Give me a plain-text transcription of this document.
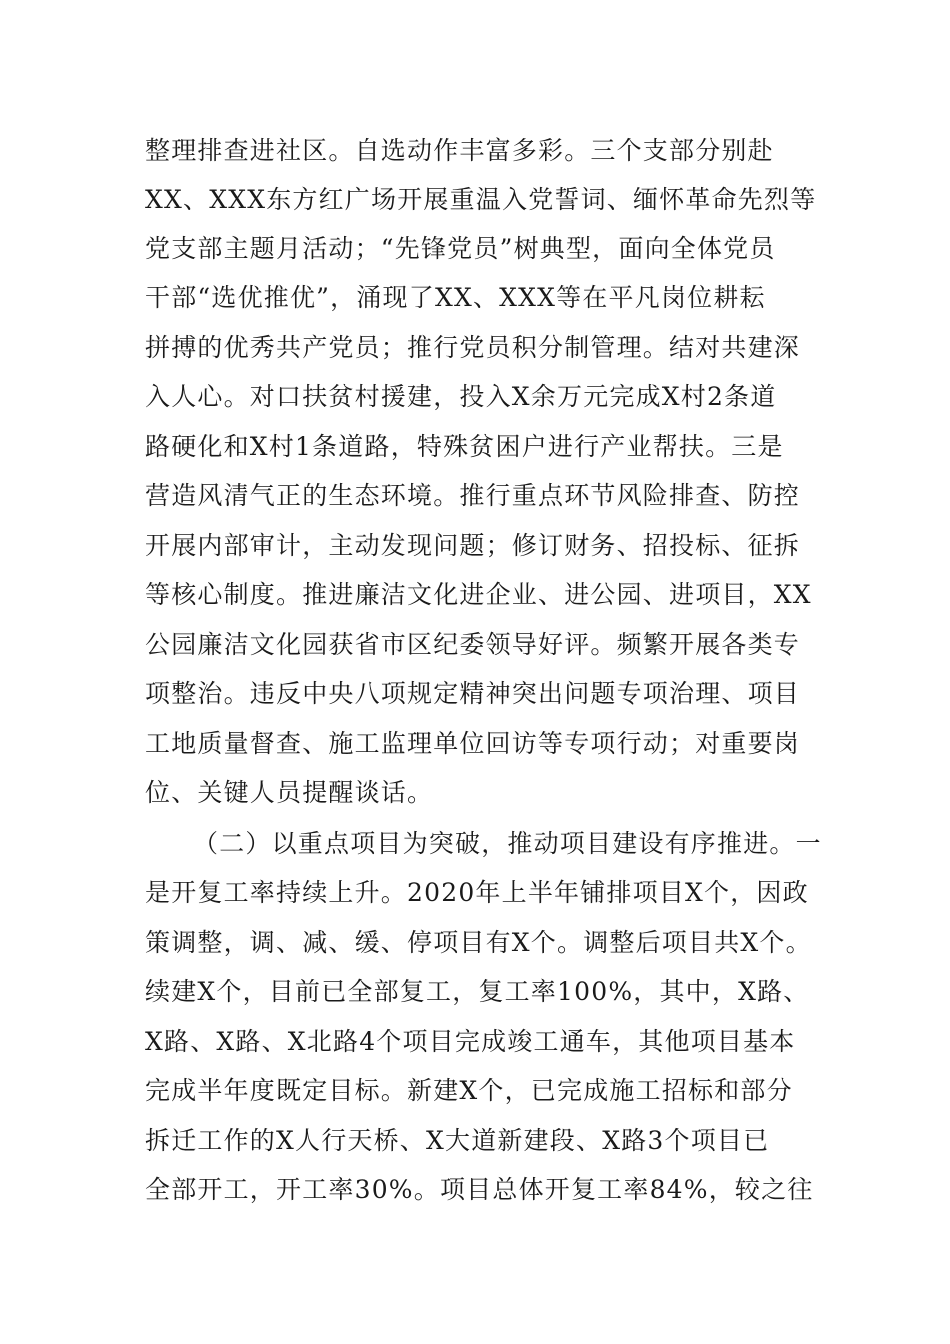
整理排查进社区。自选动作丰富多彩。三个支部分别赴
XX、XXX东方红广场开展重温入党誓词、缅怀革命先烈等
党支部主题月活动；“先锋党员”树典型，面向全体党员
干部“选优推优”，涌现了XX、XXX等在平凡岗位耕耘
拼搏的优秀共产党员；推行党员积分制管理。结对共建深
入人心。对口扶贫村援建，投入X余万元完成X村2条道
路硬化和X村1条道路，特殊贫困户进行产业帮扶。三是
营造风清气正的生态环境。推行重点环节风险排查、防控
开展内部审计，主动发现问题；修订财务、招投标、征拆
等核心制度。推进廉洁文化进企业、进公园、进项目，XX
公园廉洁文化园获省市区纪委领导好评。频繁开展各类专
项整治。违反中央八项规定精神突出问题专项治理、项目
工地质量督查、施工监理单位回访等专项行动；对重要岗
位、关键人员提醒谈话。
（二）以重点项目为突破，推动项目建设有序推进。一
是开复工率持续上升。2020年上半年铺排项目X个，因政
策调整，调、减、缓、停项目有X个。调整后项目共X个。
续建X个，目前已全部复工，复工率100%，其中，X路、
X路、X路、X北路4个项目完成竣工通车，其他项目基本
完成半年度既定目标。新建X个，已完成施工招标和部分
拆迁工作的X人行天桥、X大道新建段、X路3个项目已
全部开工，开工率30%。项目总体开复工率84%，较之往
